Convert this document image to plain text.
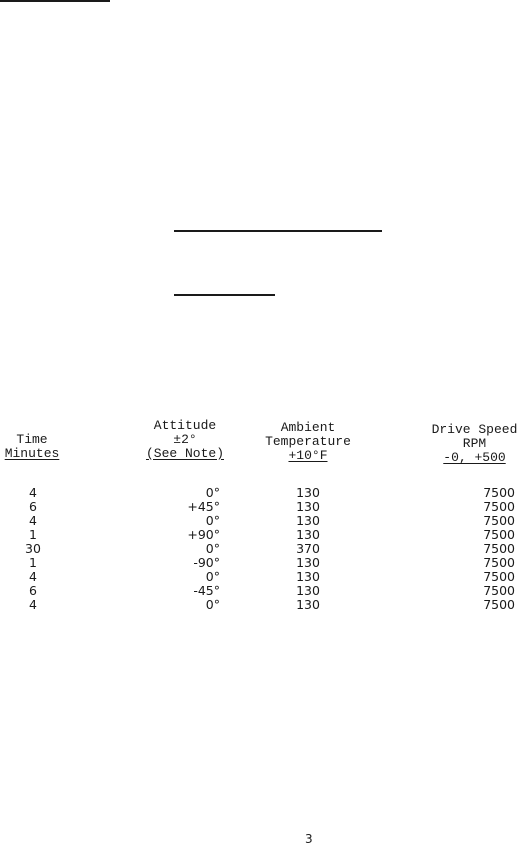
Time
Minutes
Attitude
±2°
(See Note)
Ambient
Temperature
+10°F
Drive Speed
RPM
-0, +500
4
6
4
1
30
1
4
6
4
0°
+45°
0°
+90°
0°
-90°
0°
-45°
0°
130
130
130
130
370
130
130
130
130
7500
7500
7500
7500
7500
7500
7500
7500
7500
3
